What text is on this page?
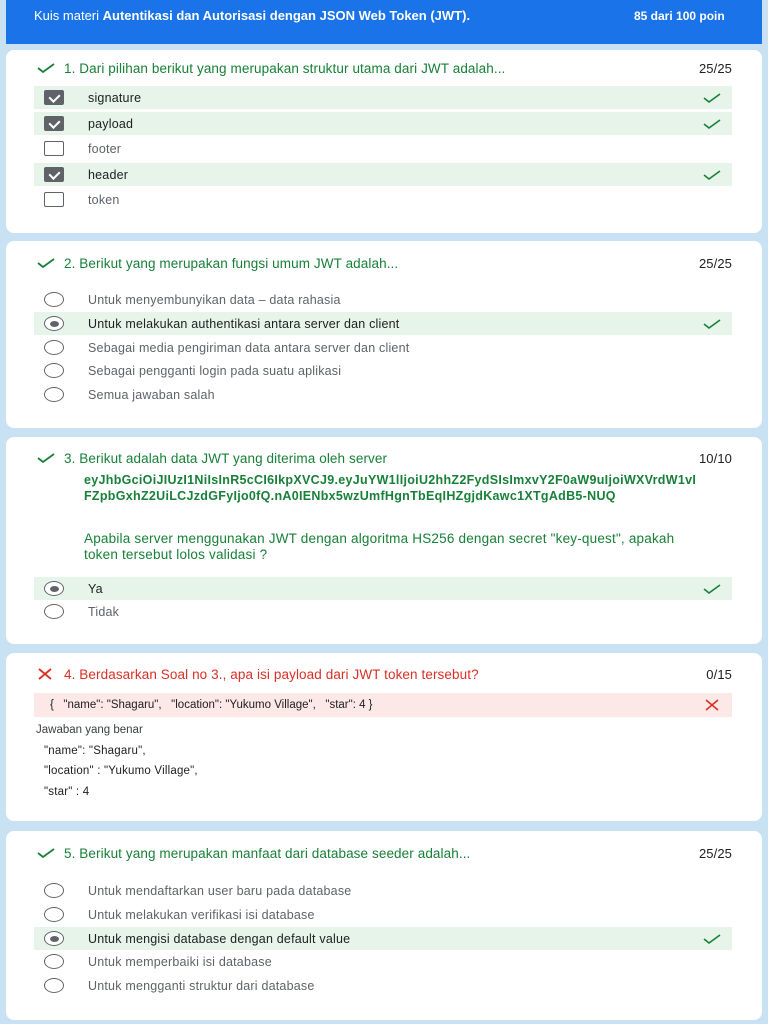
Kuis materi Autentikasi dan Autorisasi dengan JSON Web Token (JWT).	85 dari 100 poin
1. Dari pilihan berikut yang merupakan struktur utama dari JWT adalah...	25/25
signature
payload
footer
header
token
2. Berikut yang merupakan fungsi umum JWT adalah...	25/25
Untuk menyembunyikan data – data rahasia
Untuk melakukan authentikasi antara server dan client
Sebagai media pengiriman data antara server dan client
Sebagai pengganti login pada suatu aplikasi
Semua jawaban salah
3. Berikut adalah data JWT yang diterima oleh server	10/10
eyJhbGciOiJIUzI1NiIsInR5cCI6IkpXVCJ9.eyJuYW1lIjoiU2hhZ2FydSIsImxvY2F0aW9uIjoiWXVrdW1vIFZpbGxhZ2UiLCJzdGFyIjo0fQ.nA0IENbx5wzUmfHgnTbEqIHZgjdKawc1XTgAdB5-NUQ
Apabila server menggunakan JWT dengan algoritma HS256 dengan secret "key-quest", apakah token tersebut lolos validasi ?
Ya
Tidak
4. Berdasarkan Soal no 3., apa isi payload dari JWT token tersebut?	0/15
{   "name": "Shagaru",   "location": "Yukumo Village",   "star": 4 }
Jawaban yang benar
"name": "Shagaru",
"location" : "Yukumo Village",
"star" : 4
5. Berikut yang merupakan manfaat dari database seeder adalah...	25/25
Untuk mendaftarkan user baru pada database
Untuk melakukan verifikasi isi database
Untuk mengisi database dengan default value
Untuk memperbaiki isi database
Untuk mengganti struktur dari database
